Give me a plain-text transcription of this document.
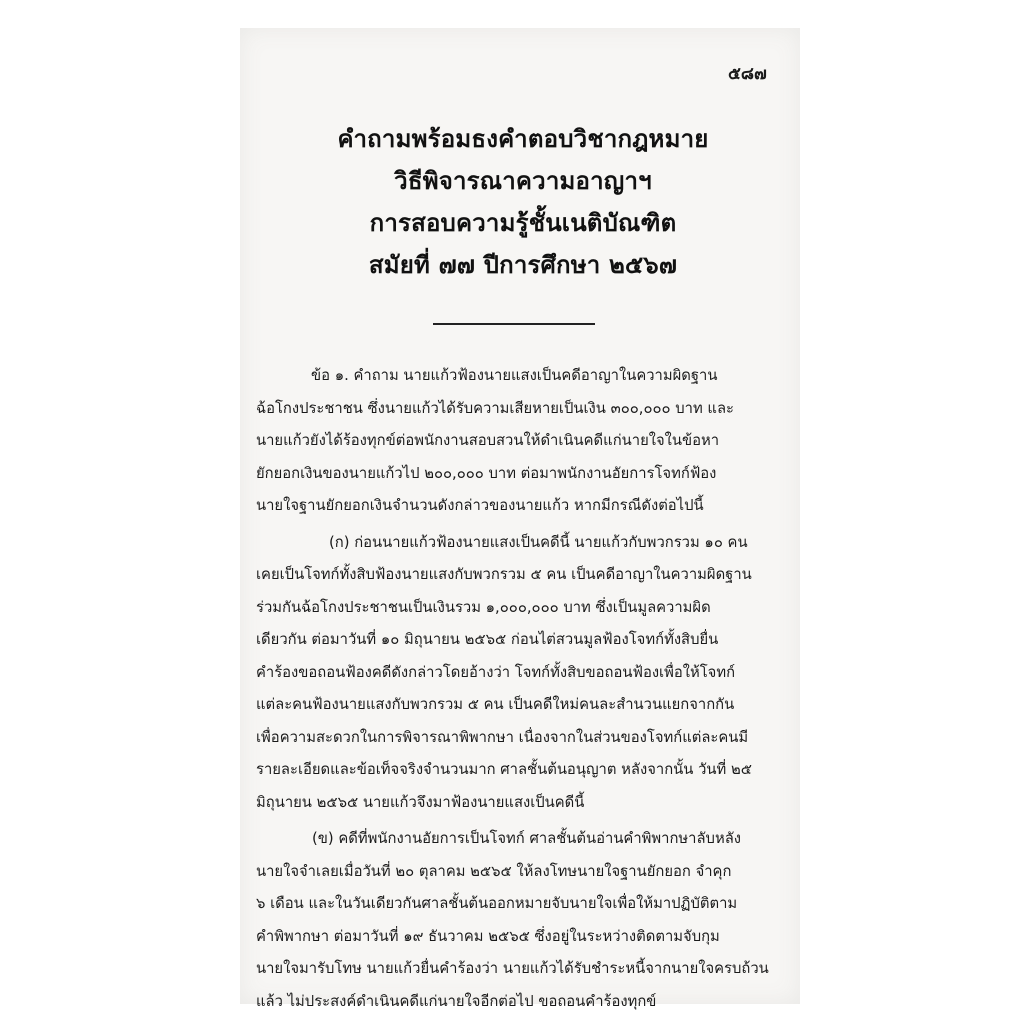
๕๘๗
คำถามพร้อมธงคำตอบวิชากฎหมาย
วิธีพิจารณาความอาญาฯ
การสอบความรู้ชั้นเนติบัณฑิต
สมัยที่ ๗๗ ปีการศึกษา ๒๕๖๗
ข้อ ๑. คำถาม นายแก้วฟ้องนายแสงเป็นคดีอาญาในความผิดฐาน
ฉ้อโกงประชาชน ซึ่งนายแก้วได้รับความเสียหายเป็นเงิน ๓๐๐,๐๐๐ บาท และ
นายแก้วยังได้ร้องทุกข์ต่อพนักงานสอบสวนให้ดำเนินคดีแก่นายใจในข้อหา
ยักยอกเงินของนายแก้วไป ๒๐๐,๐๐๐ บาท ต่อมาพนักงานอัยการโจทก์ฟ้อง
นายใจฐานยักยอกเงินจำนวนดังกล่าวของนายแก้ว หากมีกรณีดังต่อไปนี้
(ก) ก่อนนายแก้วฟ้องนายแสงเป็นคดีนี้ นายแก้วกับพวกรวม ๑๐ คน
เคยเป็นโจทก์ทั้งสิบฟ้องนายแสงกับพวกรวม ๕ คน เป็นคดีอาญาในความผิดฐาน
ร่วมกันฉ้อโกงประชาชนเป็นเงินรวม ๑,๐๐๐,๐๐๐ บาท ซึ่งเป็นมูลความผิด
เดียวกัน ต่อมาวันที่ ๑๐ มิถุนายน ๒๕๖๕ ก่อนไต่สวนมูลฟ้องโจทก์ทั้งสิบยื่น
คำร้องขอถอนฟ้องคดีดังกล่าวโดยอ้างว่า โจทก์ทั้งสิบขอถอนฟ้องเพื่อให้โจทก์
แต่ละคนฟ้องนายแสงกับพวกรวม ๕ คน เป็นคดีใหม่คนละสำนวนแยกจากกัน
เพื่อความสะดวกในการพิจารณาพิพากษา เนื่องจากในส่วนของโจทก์แต่ละคนมี
รายละเอียดและข้อเท็จจริงจำนวนมาก ศาลชั้นต้นอนุญาต หลังจากนั้น วันที่ ๒๕
มิถุนายน ๒๕๖๕ นายแก้วจึงมาฟ้องนายแสงเป็นคดีนี้
(ข) คดีที่พนักงานอัยการเป็นโจทก์ ศาลชั้นต้นอ่านคำพิพากษาลับหลัง
นายใจจำเลยเมื่อวันที่ ๒๐ ตุลาคม ๒๕๖๕ ให้ลงโทษนายใจฐานยักยอก จำคุก
๖ เดือน และในวันเดียวกันศาลชั้นต้นออกหมายจับนายใจเพื่อให้มาปฏิบัติตาม
คำพิพากษา ต่อมาวันที่ ๑๙ ธันวาคม ๒๕๖๕ ซึ่งอยู่ในระหว่างติดตามจับกุม
นายใจมารับโทษ นายแก้วยื่นคำร้องว่า นายแก้วได้รับชำระหนี้จากนายใจครบถ้วน
แล้ว ไม่ประสงค์ดำเนินคดีแก่นายใจอีกต่อไป ขอถอนคำร้องทุกข์
